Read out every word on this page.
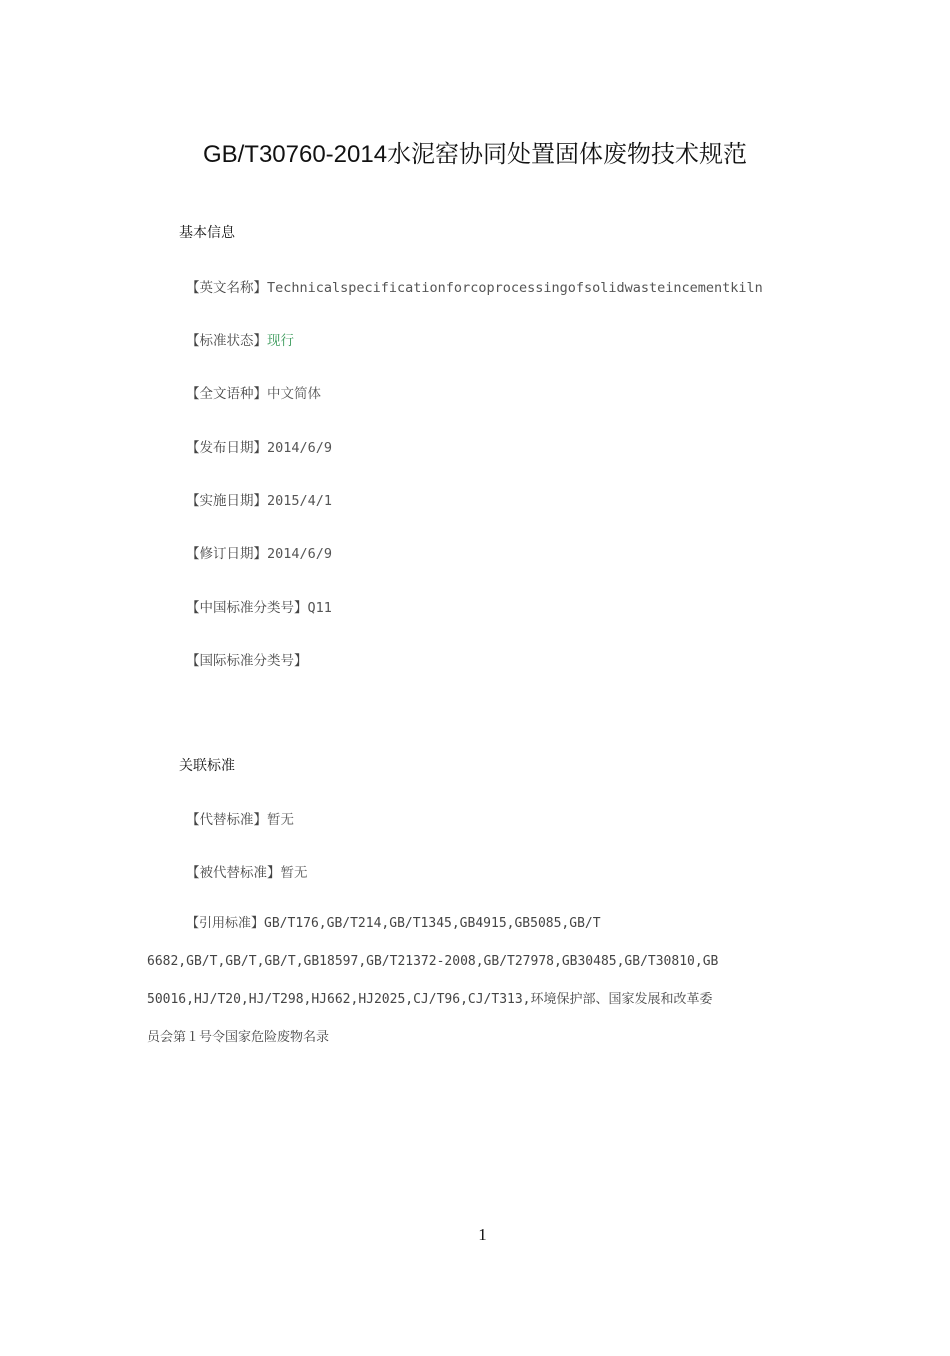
GB/T30760-2014水泥窑协同处置固体废物技术规范
基本信息
【英文名称】Technicalspecificationforcoprocessingofsolidwasteincementkiln
【标准状态】现行
【全文语种】中文简体
【发布日期】2014/6/9
【实施日期】2015/4/1
【修订日期】2014/6/9
【中国标准分类号】Q11
【国际标准分类号】
关联标准
【代替标准】暂无
【被代替标准】暂无
【引用标准】GB/T176,GB/T214,GB/T1345,GB4915,GB5085,GB/T
6682,GB/T,GB/T,GB/T,GB18597,GB/T21372-2008,GB/T27978,GB30485,GB/T30810,GB
50016,HJ/T20,HJ/T298,HJ662,HJ2025,CJ/T96,CJ/T313,环境保护部、国家发展和改革委
员会第１号令国家危险废物名录
1
